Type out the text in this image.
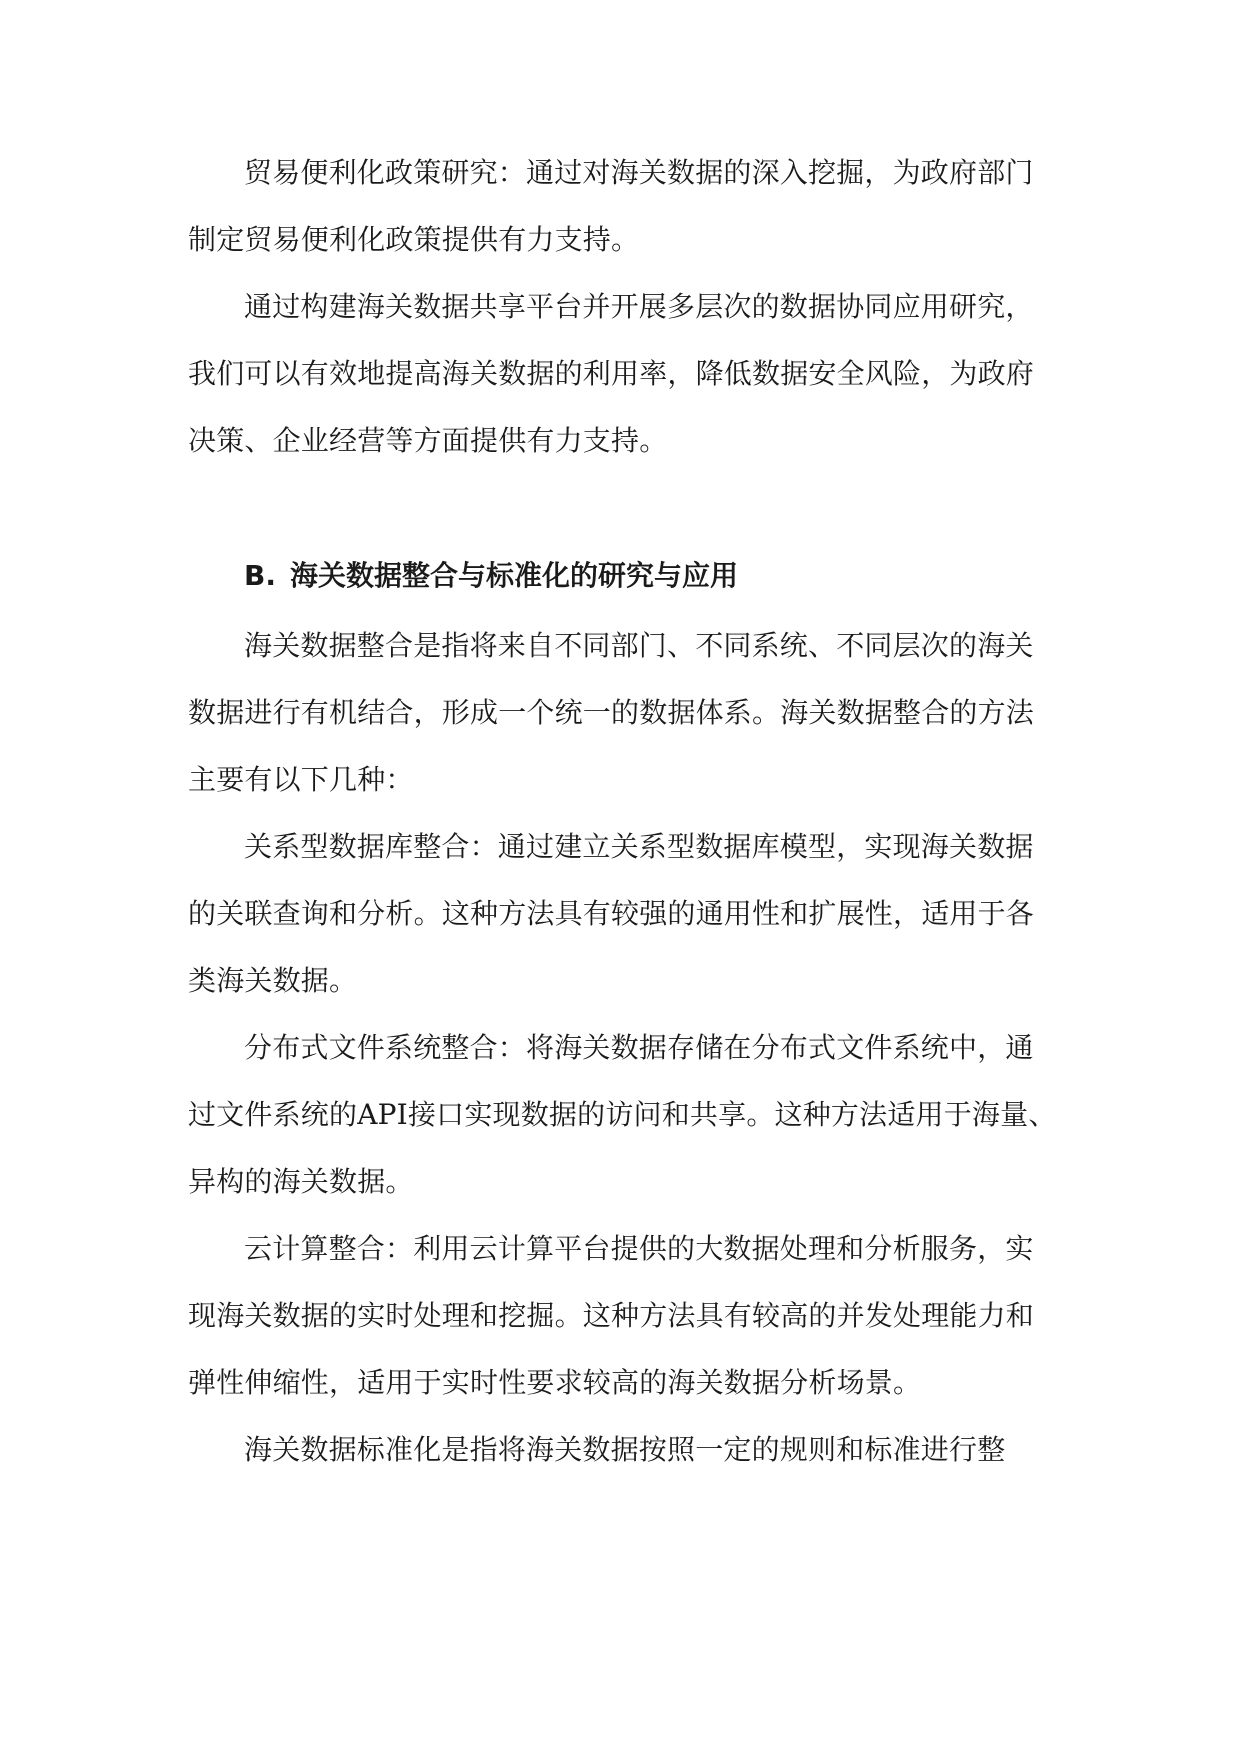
贸易便利化政策研究：通过对海关数据的深入挖掘，为政府部门
制定贸易便利化政策提供有力支持。
通过构建海关数据共享平台并开展多层次的数据协同应用研究，
我们可以有效地提高海关数据的利用率，降低数据安全风险，为政府
决策、企业经营等方面提供有力支持。
B. 海关数据整合与标准化的研究与应用
海关数据整合是指将来自不同部门、不同系统、不同层次的海关
数据进行有机结合，形成一个统一的数据体系。海关数据整合的方法
主要有以下几种：
关系型数据库整合：通过建立关系型数据库模型，实现海关数据
的关联查询和分析。这种方法具有较强的通用性和扩展性，适用于各
类海关数据。
分布式文件系统整合：将海关数据存储在分布式文件系统中，通
过文件系统的API接口实现数据的访问和共享。这种方法适用于海量、
异构的海关数据。
云计算整合：利用云计算平台提供的大数据处理和分析服务，实
现海关数据的实时处理和挖掘。这种方法具有较高的并发处理能力和
弹性伸缩性，适用于实时性要求较高的海关数据分析场景。
海关数据标准化是指将海关数据按照一定的规则和标准进行整
